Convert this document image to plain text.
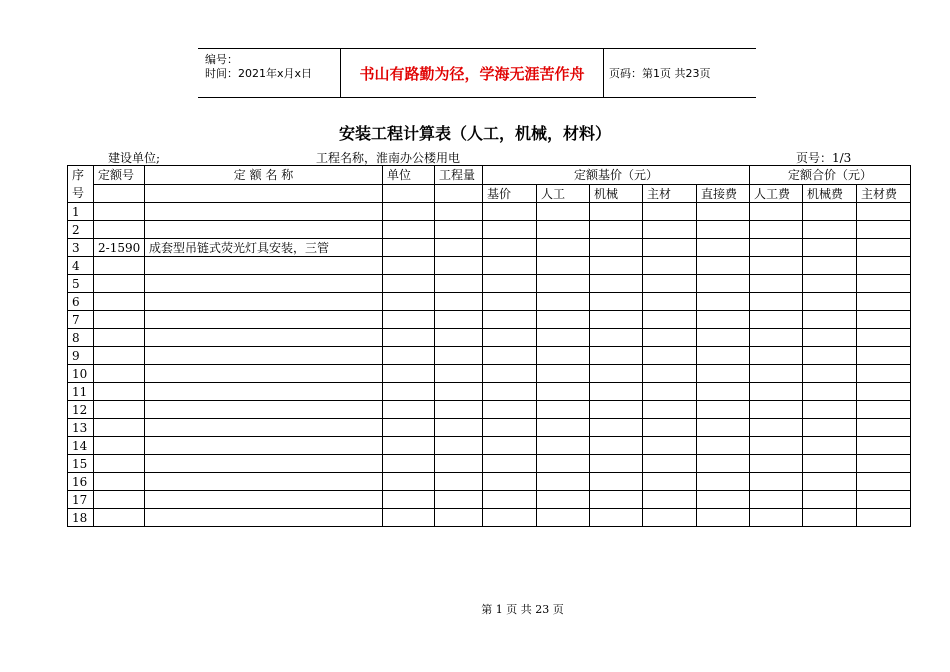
编号：
时间：2021年x月x日	书山有路勤为径，学海无涯苦作舟	页码：第1页 共23页
安装工程计算表（人工，机械，材料）
建设单位;	工程名称，淮南办公楼用电	页号：1/3
序号	定额号	定 额 名 称	单位	工程量	定额基价（元）					定额合价（元）		
					基价	人工	机械	主材	直接费	人工费	机械费	主材费
1												
2												
3	2-1590	成套型吊链式荧光灯具安装，三管										
4												
5												
6												
7												
8												
9												
10												
11												
12												
13												
14												
15												
16												
17												
18												
第 1 页 共 23 页
